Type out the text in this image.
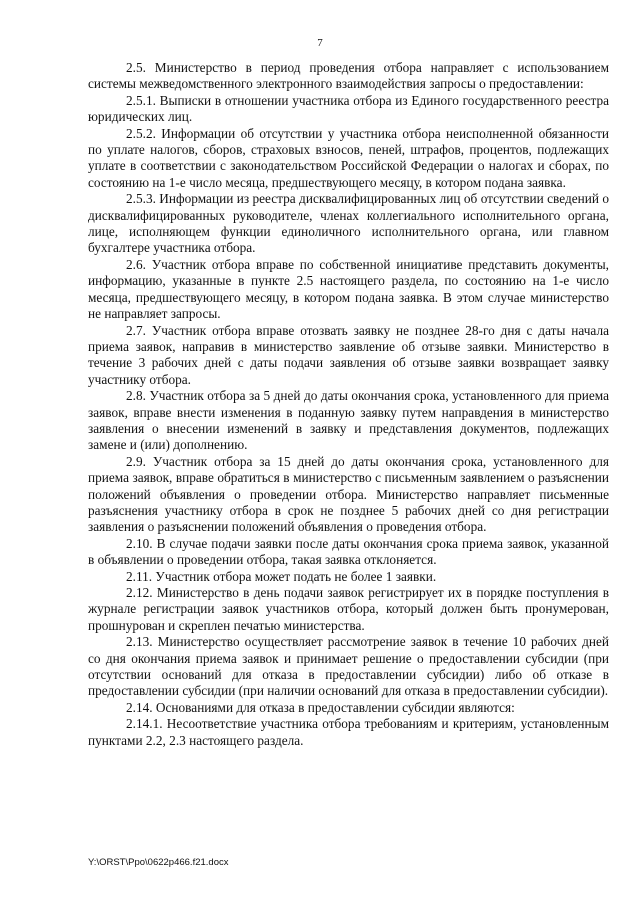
7

2.5. Министерство в период проведения отбора направляет с использованием системы межведомственного электронного взаимодействия запросы о предоставлении:

2.5.1. Выписки в отношении участника отбора из Единого государственного реестра юридических лиц.

2.5.2. Информации об отсутствии у участника отбора неисполненной обязанности по уплате налогов, сборов, страховых взносов, пеней, штрафов, процентов, подлежащих уплате в соответствии с законодательством Российской Федерации о налогах и сборах, по состоянию на 1-е число месяца, предшествующего месяцу, в котором подана заявка.

2.5.3. Информации из реестра дисквалифицированных лиц об отсутствии сведений о дисквалифицированных руководителе, членах коллегиального исполнительного органа, лице, исполняющем функции единоличного исполнительного органа, или главном бухгалтере участника отбора.

2.6. Участник отбора вправе по собственной инициативе представить документы, информацию, указанные в пункте 2.5 настоящего раздела, по состоянию на 1-е число месяца, предшествующего месяцу, в котором подана заявка. В этом случае министерство не направляет запросы.

2.7. Участник отбора вправе отозвать заявку не позднее 28-го дня с даты начала приема заявок, направив в министерство заявление об отзыве заявки. Министерство в течение 3 рабочих дней с даты подачи заявления об отзыве заявки возвращает заявку участнику отбора.

2.8. Участник отбора за 5 дней до даты окончания срока, установленного для приема заявок, вправе внести изменения в поданную заявку путем направдения в министерство заявления о внесении изменений в заявку и представления документов, подлежащих замене и (или) дополнению.

2.9. Участник отбора за 15 дней до даты окончания срока, установленного для приема заявок, вправе обратиться в министерство с письменным заявлением о разъяснении положений объявления о проведении отбора. Министерство направляет письменные разъяснения участнику отбора в срок не позднее 5 рабочих дней со дня регистрации заявления о разъяснении положений объявления о проведения отбора.

2.10. В случае подачи заявки после даты окончания срока приема заявок, указанной в объявлении о проведении отбора, такая заявка отклоняется.

2.11. Участник отбора может подать не более 1 заявки.

2.12. Министерство в день подачи заявок регистрирует их в порядке поступления в журнале регистрации заявок участников отбора, который должен быть пронумерован, прошнурован и скреплен печатью министерства.

2.13. Министерство осуществляет рассмотрение заявок в течение 10 рабочих дней со дня окончания приема заявок и принимает решение о предоставлении субсидии (при отсутствии оснований для отказа в предоставлении субсидии) либо об отказе в предоставлении субсидии (при наличии оснований для отказа в предоставлении субсидии).

2.14. Основаниями для отказа в предоставлении субсидии являются:

2.14.1. Несоответствие участника отбора требованиям и критериям, установленным пунктами 2.2, 2.3 настоящего раздела.

Y:\ORST\Ppo\0622p466.f21.docx
